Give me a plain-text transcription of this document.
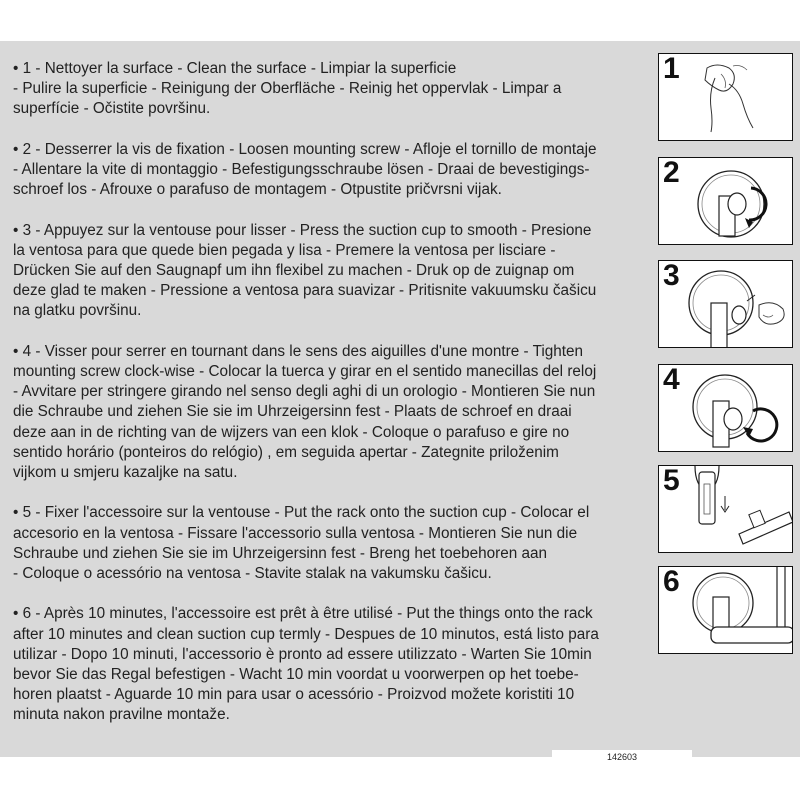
• 1 - Nettoyer la surface - Clean the surface - Limpiar la superficie
- Pulire la superficie - Reinigung der Oberfläche - Reinig het oppervlak - Limpar a
superfície - Očistite površinu.
• 2 - Desserrer la vis de fixation - Loosen mounting screw - Afloje el tornillo de montaje
- Allentare la vite di montaggio - Befestigungsschraube lösen - Draai de bevestigings-
schroef los - Afrouxe o parafuso de montagem - Otpustite pričvrsni vijak.
• 3 - Appuyez sur la ventouse pour lisser - Press the suction cup to smooth - Presione
la ventosa para que quede bien pegada y lisa - Premere la ventosa per lisciare -
Drücken Sie auf den Saugnapf um ihn flexibel zu machen - Druk op de zuignap om
deze glad te maken - Pressione a ventosa para suavizar - Pritisnite vakuumsku čašicu
na glatku površinu.
• 4 - Visser pour serrer en tournant dans le sens des aiguilles d'une montre - Tighten
mounting screw clock-wise - Colocar la tuerca y girar en el sentido manecillas del reloj
- Avvitare per stringere girando nel senso degli aghi di un orologio - Montieren Sie nun
die Schraube und ziehen Sie sie im Uhrzeigersinn fest - Plaats de schroef en draai
deze aan in de richting van de wijzers van een klok - Coloque o parafuso e gire no
sentido horário (ponteiros do relógio) , em seguida apertar - Zategnite priloženim
vijkom u smjeru kazaljke na satu.
• 5 - Fixer l'accessoire sur la ventouse - Put the rack onto the suction cup - Colocar el
accesorio en la ventosa - Fissare l'accessorio sulla ventosa - Montieren Sie nun die
Schraube und ziehen Sie sie im Uhrzeigersinn fest - Breng het toebehoren aan
- Coloque o acessório na ventosa - Stavite stalak na vakumsku čašicu.
• 6 - Après 10 minutes, l'accessoire est prêt à être utilisé - Put the things onto the rack
after 10 minutes and clean suction cup termly - Despues de 10 minutos, está listo para
utilizar - Dopo 10 minuti, l'accessorio è pronto ad essere utilizzato - Warten Sie 10min
bevor Sie das Regal befestigen - Wacht 10 min voordat u voorwerpen op het toebe-
horen plaatst - Aguarde 10 min para usar o acessório - Proizvod možete koristiti 10
minuta nakon pravilne montaže.
1
2
3
4
5
6
142603
